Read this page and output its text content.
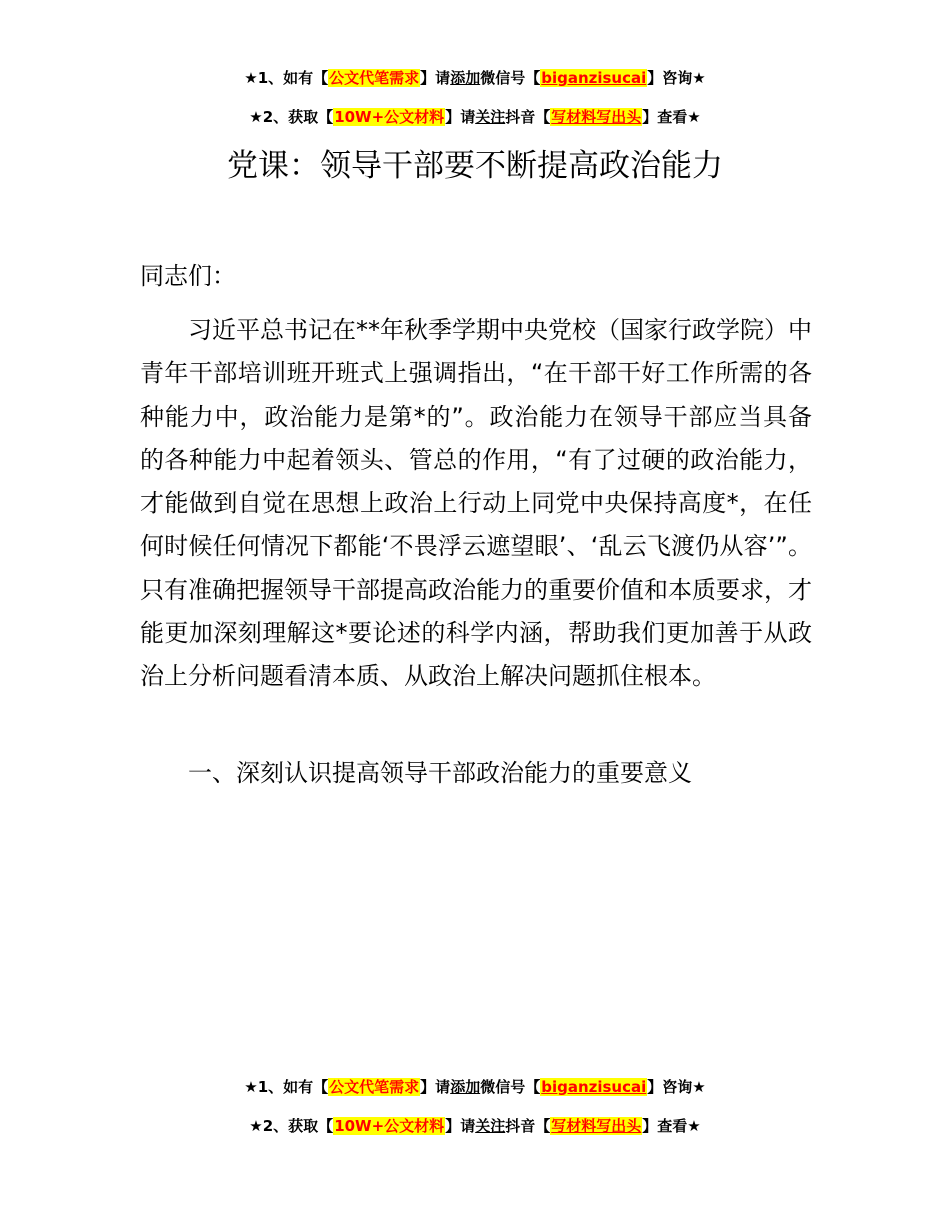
★1、如有【公文代笔需求】请添加微信号【biganzisucai】咨询★
★2、获取【10W+公文材料】请关注抖音【写材料写出头】查看★
党课：领导干部要不断提高政治能力

同志们：

习近平总书记在**年秋季学期中央党校（国家行政学院）中青年干部培训班开班式上强调指出，“在干部干好工作所需的各种能力中，政治能力是第*的”。政治能力在领导干部应当具备的各种能力中起着领头、管总的作用，“有了过硬的政治能力，才能做到自觉在思想上政治上行动上同党中央保持高度*，在任何时候任何情况下都能‘不畏浮云遮望眼’、‘乱云飞渡仍从容’”。只有准确把握领导干部提高政治能力的重要价值和本质要求，才能更加深刻理解这*要论述的科学内涵，帮助我们更加善于从政治上分析问题看清本质、从政治上解决问题抓住根本。

一、深刻认识提高领导干部政治能力的重要意义

★1、如有【公文代笔需求】请添加微信号【biganzisucai】咨询★
★2、获取【10W+公文材料】请关注抖音【写材料写出头】查看★
